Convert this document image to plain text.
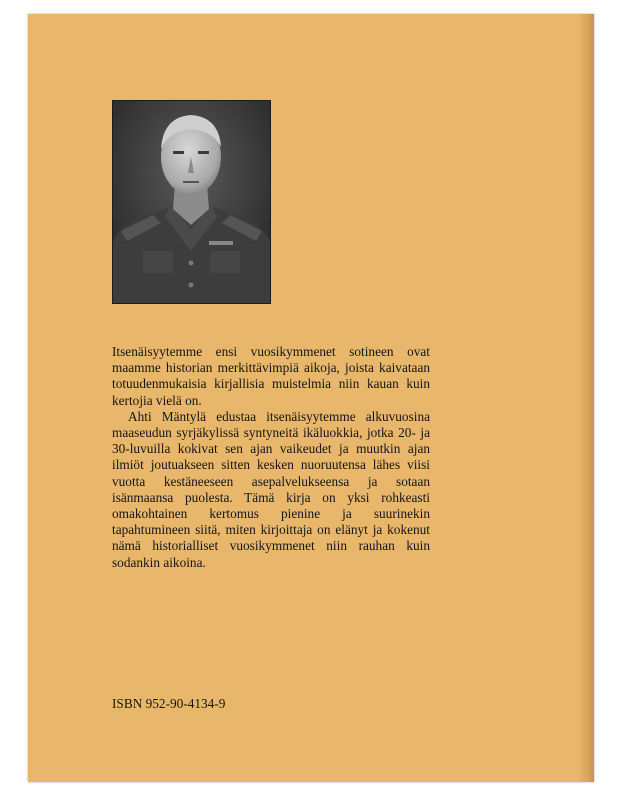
Itsenäisyytemme ensi vuosikymmenet sotineen ovat maamme historian merkittävimpiä aikoja, joista kaivataan totuudenmukaisia kirjallisia muistelmia niin kauan kuin kertojia vielä on.

Ahti Mäntylä edustaa itsenäisyytemme alkuvuosina maaseudun syrjäkylissä syntyneitä ikäluokkia, jotka 20- ja 30-luvuilla kokivat sen ajan vaikeudet ja muutkin ajan ilmiöt joutuakseen sitten kesken nuoruutensa lähes viisi vuotta kestäneeseen asepalvelukseensa ja sotaan isänmaansa puolesta. Tämä kirja on yksi rohkeasti omakohtainen kertomus pienine ja suurinekin tapahtumineen siitä, miten kirjoittaja on elänyt ja kokenut nämä historialliset vuosikymmenet niin rauhan kuin sodankin aikoina.

ISBN 952-90-4134-9
